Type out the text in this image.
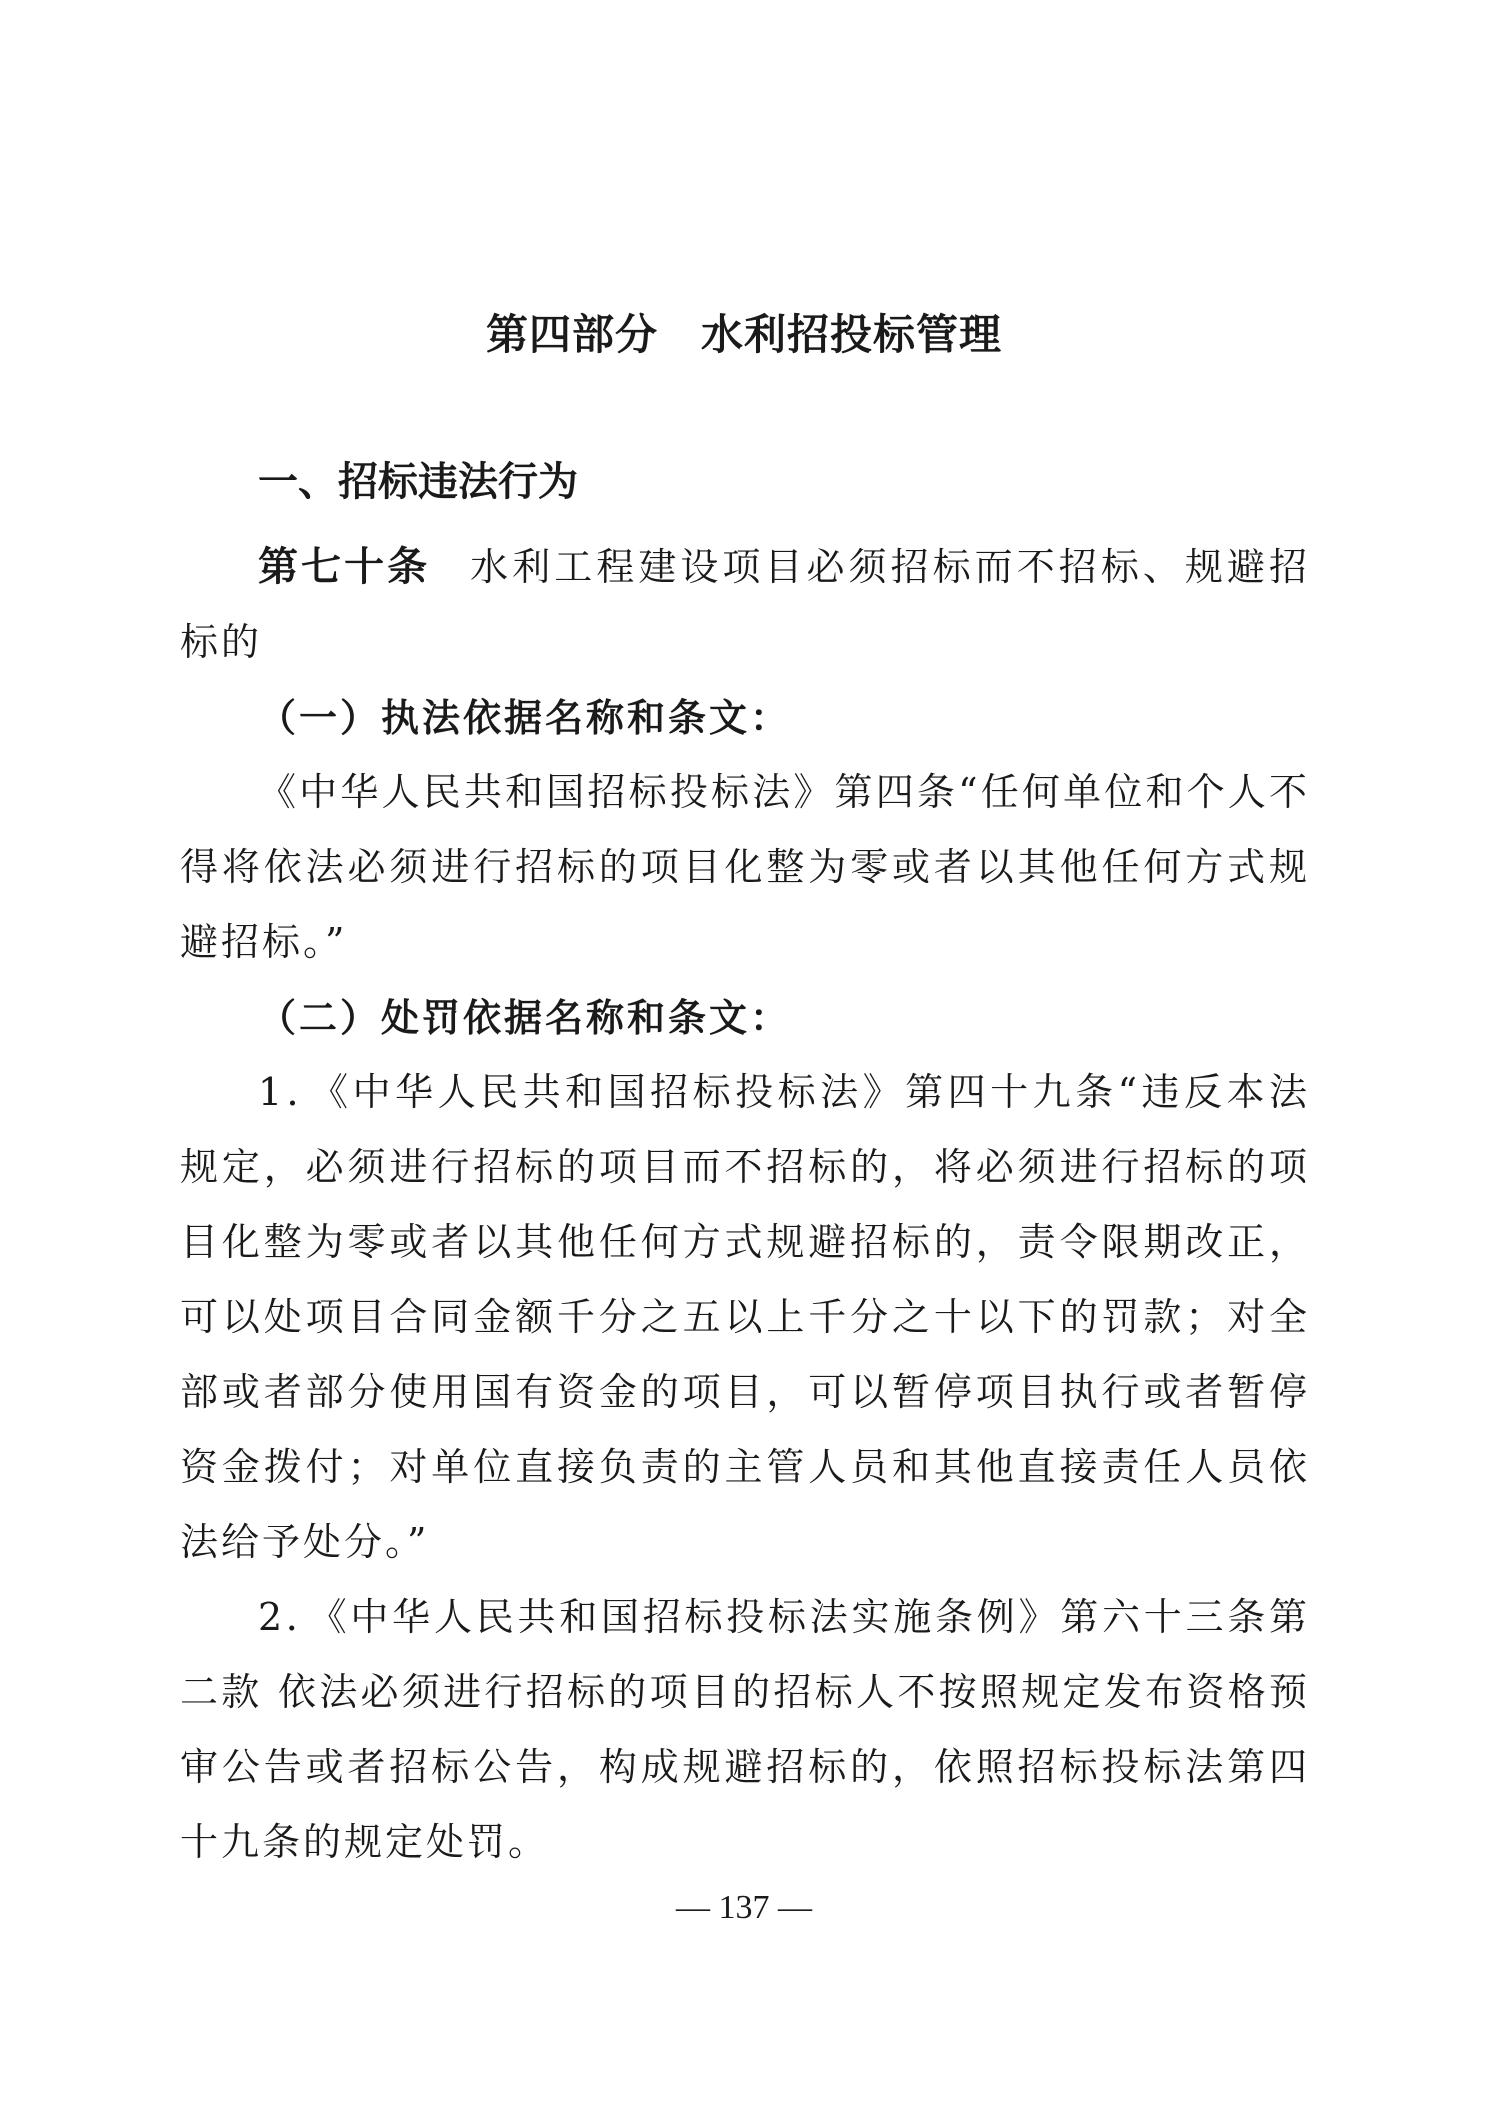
第四部分　水利招投标管理
一、招标违法行为

第七十条 水利工程建设项目必须招标而不招标、规避招标的

（一）执法依据名称和条文：

《中华人民共和国招标投标法》第四条“任何单位和个人不得将依法必须进行招标的项目化整为零或者以其他任何方式规避招标。”

（二）处罚依据名称和条文：

1．《中华人民共和国招标投标法》第四十九条“违反本法规定，必须进行招标的项目而不招标的，将必须进行招标的项目化整为零或者以其他任何方式规避招标的，责令限期改正，可以处项目合同金额千分之五以上千分之十以下的罚款；对全部或者部分使用国有资金的项目，可以暂停项目执行或者暂停资金拨付；对单位直接负责的主管人员和其他直接责任人员依法给予处分。”

2．《中华人民共和国招标投标法实施条例》第六十三条第二款 依法必须进行招标的项目的招标人不按照规定发布资格预审公告或者招标公告，构成规避招标的，依照招标投标法第四十九条的规定处罚。

— 137 —
